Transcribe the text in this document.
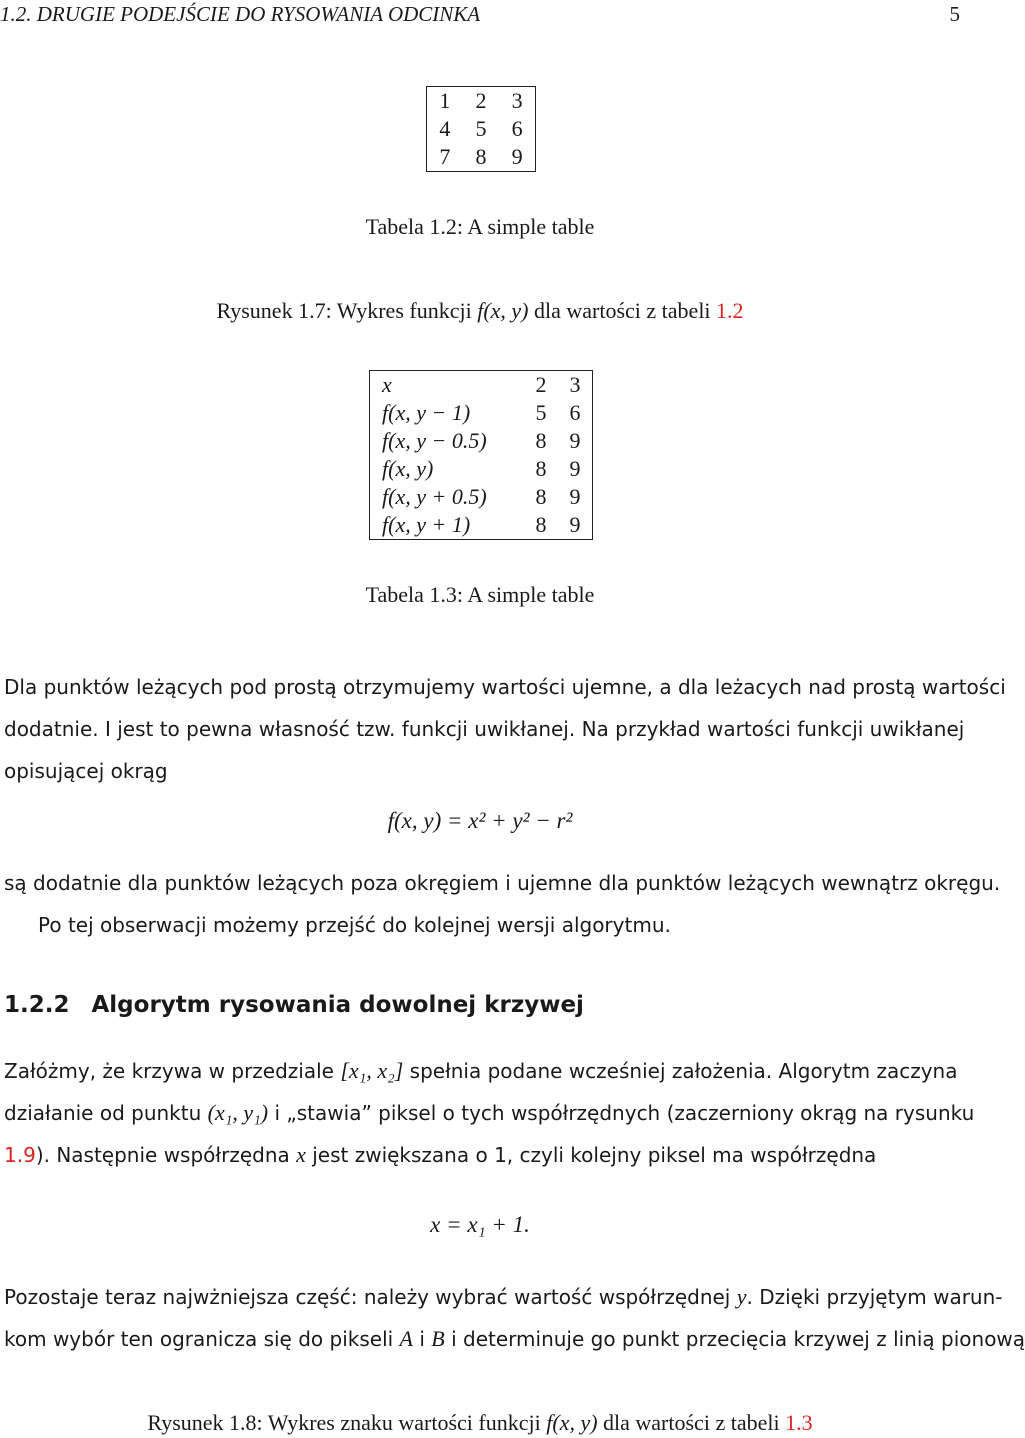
1.2. DRUGIE PODEJŚCIE DO RYSOWANIA ODCINKA	5
1	2	3
4	5	6
7	8	9
Tabela 1.2: A simple table
Rysunek 1.7: Wykres funkcji f(x, y) dla wartości z tabeli 1.2
x	2	3
f(x, y − 1)	5	6
f(x, y − 0.5)	8	9
f(x, y)	8	9
f(x, y + 0.5)	8	9
f(x, y + 1)	8	9
Tabela 1.3: A simple table
Dla punktów leżących pod prostą otrzymujemy wartości ujemne, a dla leżacych nad prostą wartości
dodatnie. I jest to pewna własność tzw. funkcji uwikłanej. Na przykład wartości funkcji uwikłanej
opisującej okrąg
f(x, y) = x² + y² − r²
są dodatnie dla punktów leżących poza okręgiem i ujemne dla punktów leżących wewnątrz okręgu.
Po tej obserwacji możemy przejść do kolejnej wersji algorytmu.
1.2.2 Algorytm rysowania dowolnej krzywej
Załóżmy, że krzywa w przedziale [x₁, x₂] spełnia podane wcześniej założenia. Algorytm zaczyna
działanie od punktu (x₁, y₁) i „stawia” piksel o tych współrzędnych (zaczerniony okrąg na rysunku
1.9). Następnie współrzędna x jest zwiększana o 1, czyli kolejny piksel ma współrzędna
x = x₁ + 1.
Pozostaje teraz najwżniejsza część: należy wybrać wartość współrzędnej y. Dzięki przyjętym warun-
kom wybór ten ogranicza się do pikseli A i B i determinuje go punkt przecięcia krzywej z linią pionową
Rysunek 1.8: Wykres znaku wartości funkcji f(x, y) dla wartości z tabeli 1.3
